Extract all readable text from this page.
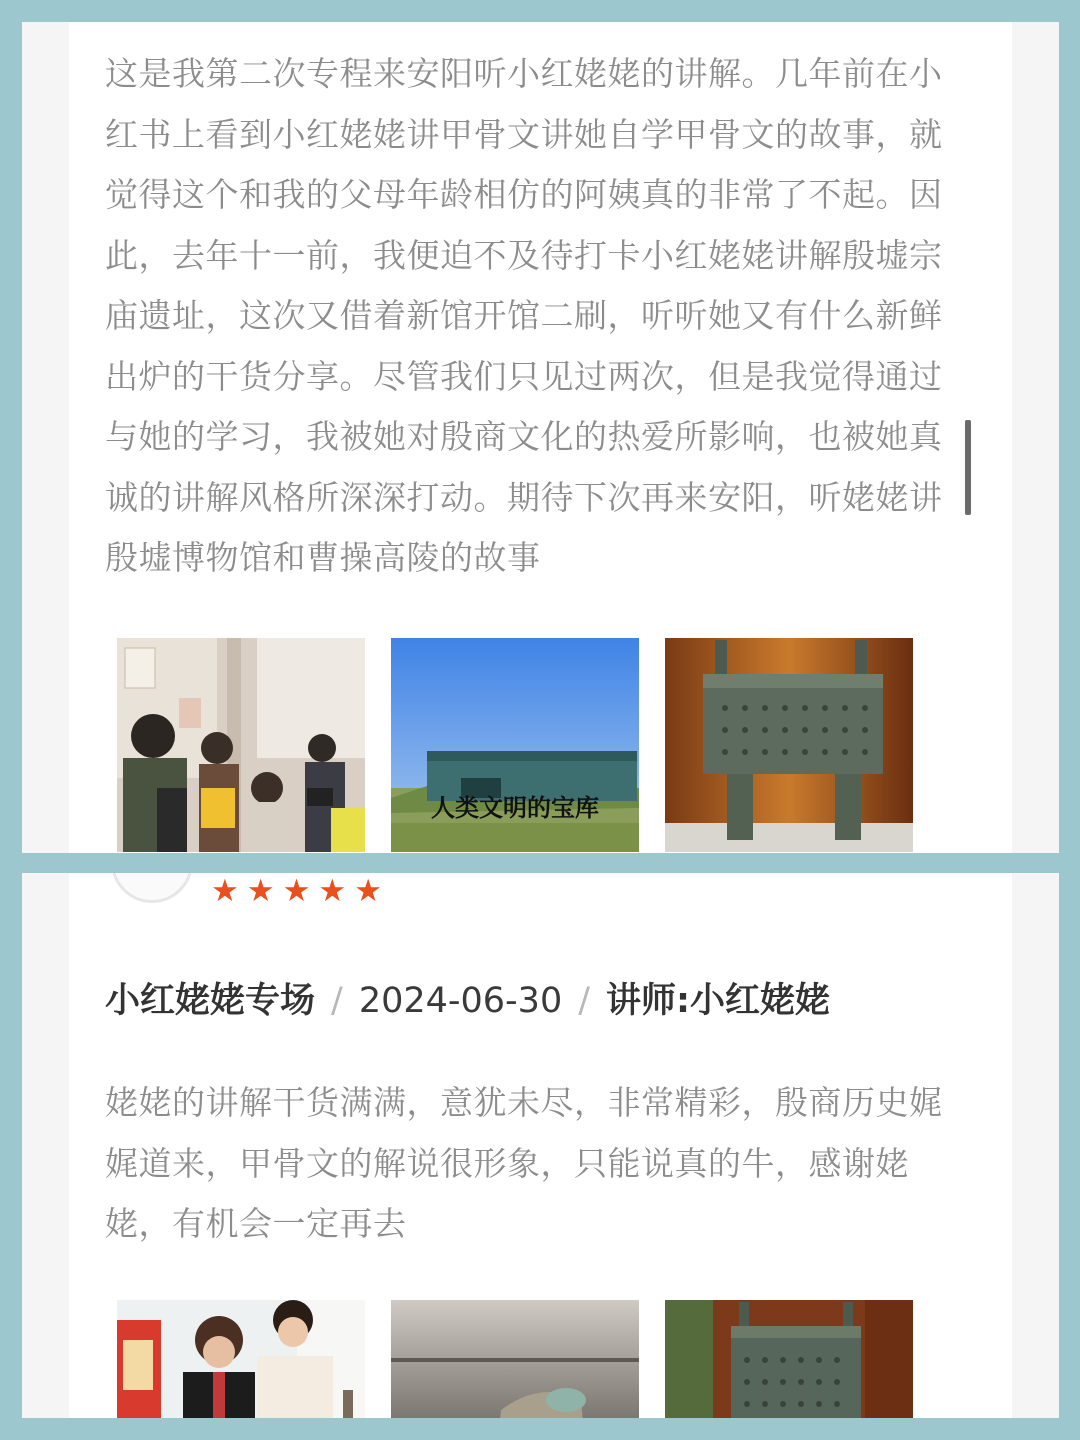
这是我第二次专程来安阳听小红姥姥的讲解。几年前在小红书上看到小红姥姥讲甲骨文讲她自学甲骨文的故事，就觉得这个和我的父母年龄相仿的阿姨真的非常了不起。因此，去年十一前，我便迫不及待打卡小红姥姥讲解殷墟宗庙遗址，这次又借着新馆开馆二刷，听听她又有什么新鲜出炉的干货分享。尽管我们只见过两次，但是我觉得通过与她的学习，我被她对殷商文化的热爱所影响，也被她真诚的讲解风格所深深打动。期待下次再来安阳，听姥姥讲殷墟博物馆和曹操高陵的故事

人类文明的宝库
★ ★ ★ ★ ★
小红姥姥专场 / 2024-06-30 / 讲师:小红姥姥

姥姥的讲解干货满满，意犹未尽，非常精彩，殷商历史娓娓道来，甲骨文的解说很形象，只能说真的牛，感谢姥姥，有机会一定再去
